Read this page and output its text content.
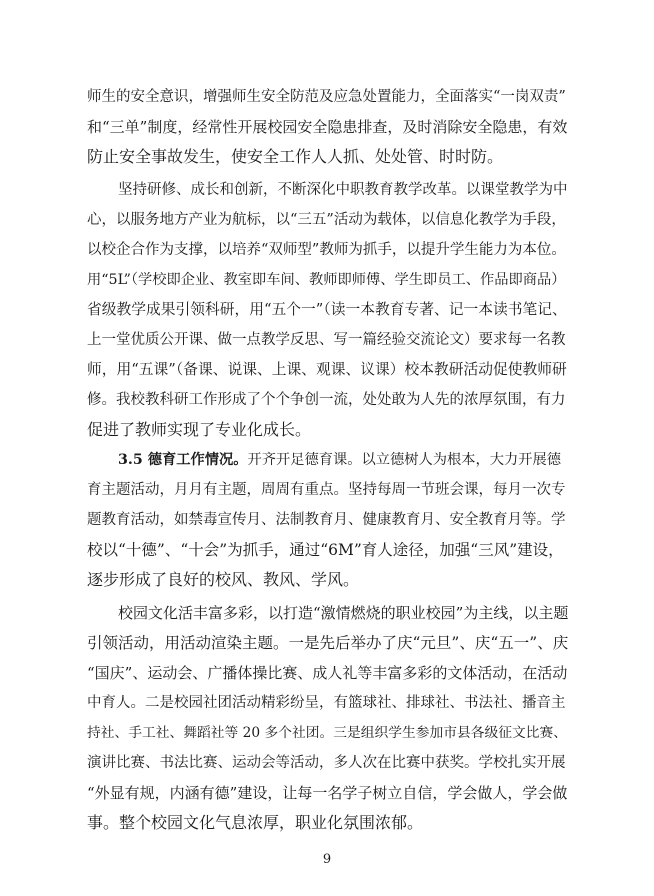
师生的安全意识，增强师生安全防范及应急处置能力，全面落实“一岗双责”
和“三单”制度，经常性开展校园安全隐患排查，及时消除安全隐患，有效
防止安全事故发生，使安全工作人人抓、处处管、时时防。
坚持研修、成长和创新，不断深化中职教育教学改革。以课堂教学为中
心，以服务地方产业为航标，以“三五”活动为载体，以信息化教学为手段，
以校企合作为支撑，以培养“双师型”教师为抓手，以提升学生能力为本位。
用“5L”（学校即企业、教室即车间、教师即师傅、学生即员工、作品即商品）
省级教学成果引领科研，用“五个一”（读一本教育专著、记一本读书笔记、
上一堂优质公开课、做一点教学反思、写一篇经验交流论文）要求每一名教
师，用“五课”（备课、说课、上课、观课、议课）校本教研活动促使教师研
修。我校教科研工作形成了个个争创一流，处处敢为人先的浓厚氛围，有力
促进了教师实现了专业化成长。
3.5 德育工作情况。开齐开足德育课。以立德树人为根本，大力开展德
育主题活动，月月有主题，周周有重点。坚持每周一节班会课，每月一次专
题教育活动，如禁毒宣传月、法制教育月、健康教育月、安全教育月等。学
校以“十德”、“十会”为抓手，通过“6M”育人途径，加强“三风”建设，
逐步形成了良好的校风、教风、学风。
校园文化活丰富多彩，以打造“激情燃烧的职业校园”为主线，以主题
引领活动，用活动渲染主题。一是先后举办了庆“元旦”、庆“五一”、庆
“国庆”、运动会、广播体操比赛、成人礼等丰富多彩的文体活动，在活动
中育人。二是校园社团活动精彩纷呈，有篮球社、排球社、书法社、播音主
持社、手工社、舞蹈社等 20 多个社团。三是组织学生参加市县各级征文比赛、
演讲比赛、书法比赛、运动会等活动，多人次在比赛中获奖。学校扎实开展
“外显有规，内涵有德”建设，让每一名学子树立自信，学会做人，学会做
事。整个校园文化气息浓厚，职业化氛围浓郁。
9
